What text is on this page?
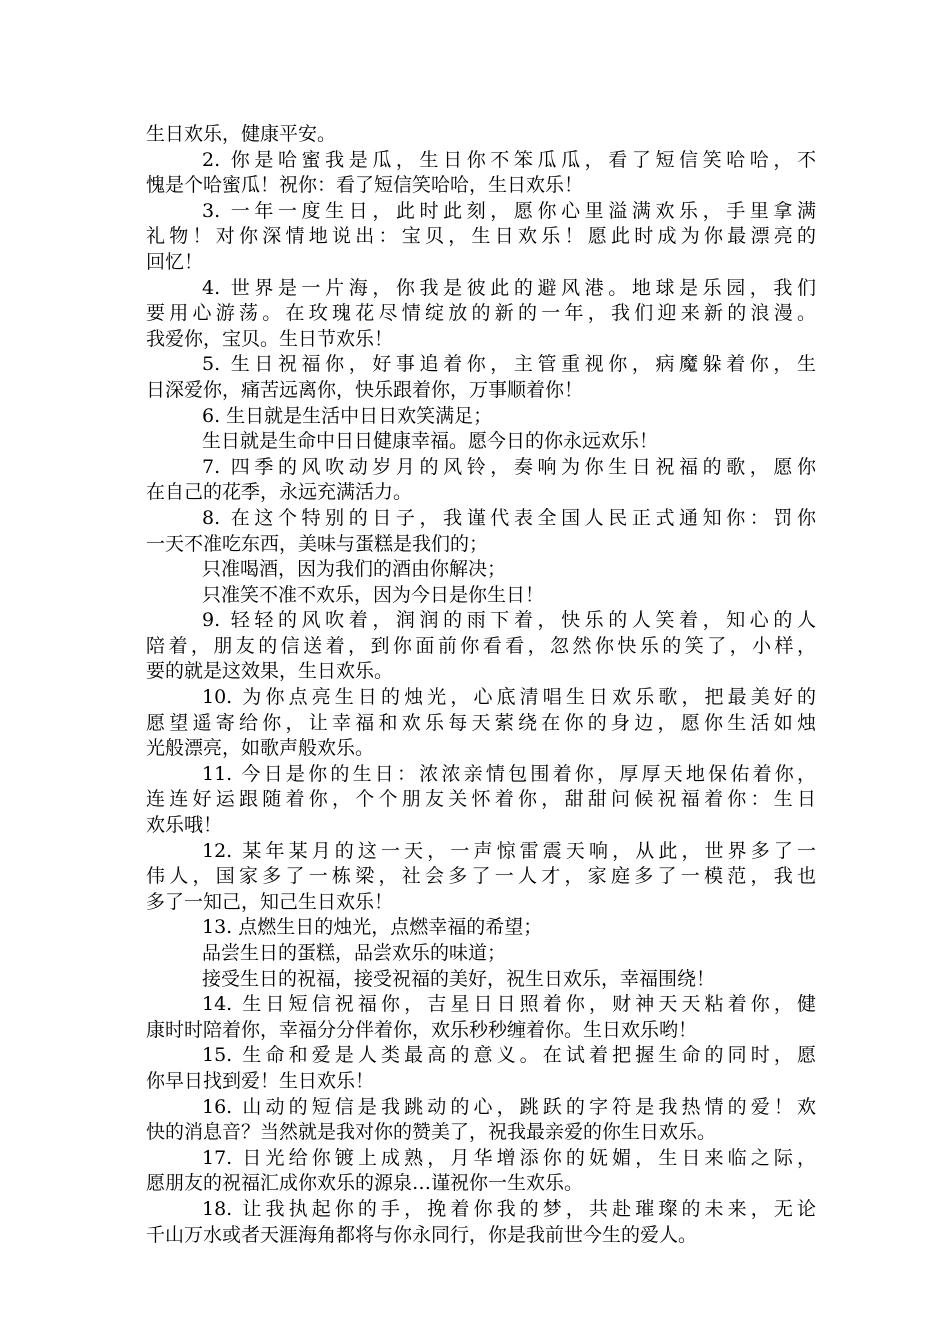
生日欢乐，健康平安。
2. 你是哈蜜我是瓜，生日你不笨瓜瓜，看了短信笑哈哈，不
愧是个哈蜜瓜！祝你：看了短信笑哈哈，生日欢乐！
3. 一年一度生日，此时此刻，愿你心里溢满欢乐，手里拿满
礼物！对你深情地说出：宝贝，生日欢乐！愿此时成为你最漂亮的
回忆！
4. 世界是一片海，你我是彼此的避风港。地球是乐园，我们
要用心游荡。在玫瑰花尽情绽放的新的一年，我们迎来新的浪漫。
我爱你，宝贝。生日节欢乐！
5. 生日祝福你，好事追着你，主管重视你，病魔躲着你，生
日深爱你，痛苦远离你，快乐跟着你，万事顺着你！
6. 生日就是生活中日日欢笑满足；
生日就是生命中日日健康幸福。愿今日的你永远欢乐！
7. 四季的风吹动岁月的风铃，奏响为你生日祝福的歌，愿你
在自己的花季，永远充满活力。
8. 在这个特别的日子，我谨代表全国人民正式通知你：罚你
一天不准吃东西，美味与蛋糕是我们的；
只准喝酒，因为我们的酒由你解决；
只准笑不准不欢乐，因为今日是你生日！
9. 轻轻的风吹着，润润的雨下着，快乐的人笑着，知心的人
陪着，朋友的信送着，到你面前你看看，忽然你快乐的笑了，小样，
要的就是这效果，生日欢乐。
10. 为你点亮生日的烛光，心底清唱生日欢乐歌，把最美好的
愿望遥寄给你，让幸福和欢乐每天萦绕在你的身边，愿你生活如烛
光般漂亮，如歌声般欢乐。
11. 今日是你的生日：浓浓亲情包围着你，厚厚天地保佑着你，
连连好运跟随着你，个个朋友关怀着你，甜甜问候祝福着你：生日
欢乐哦！
12. 某年某月的这一天，一声惊雷震天响，从此，世界多了一
伟人，国家多了一栋梁，社会多了一人才，家庭多了一模范，我也
多了一知己，知己生日欢乐！
13. 点燃生日的烛光，点燃幸福的希望；
品尝生日的蛋糕，品尝欢乐的味道；
接受生日的祝福，接受祝福的美好，祝生日欢乐，幸福围绕！
14. 生日短信祝福你，吉星日日照着你，财神天天粘着你，健
康时时陪着你，幸福分分伴着你，欢乐秒秒缠着你。生日欢乐哟！
15. 生命和爱是人类最高的意义。在试着把握生命的同时，愿
你早日找到爱！生日欢乐！
16. 山动的短信是我跳动的心，跳跃的字符是我热情的爱！欢
快的消息音？当然就是我对你的赞美了，祝我最亲爱的你生日欢乐。
17. 日光给你镀上成熟，月华增添你的妩媚，生日来临之际，
愿朋友的祝福汇成你欢乐的源泉…谨祝你一生欢乐。
18. 让我执起你的手，挽着你我的梦，共赴璀璨的未来，无论
千山万水或者天涯海角都将与你永同行，你是我前世今生的爱人。
